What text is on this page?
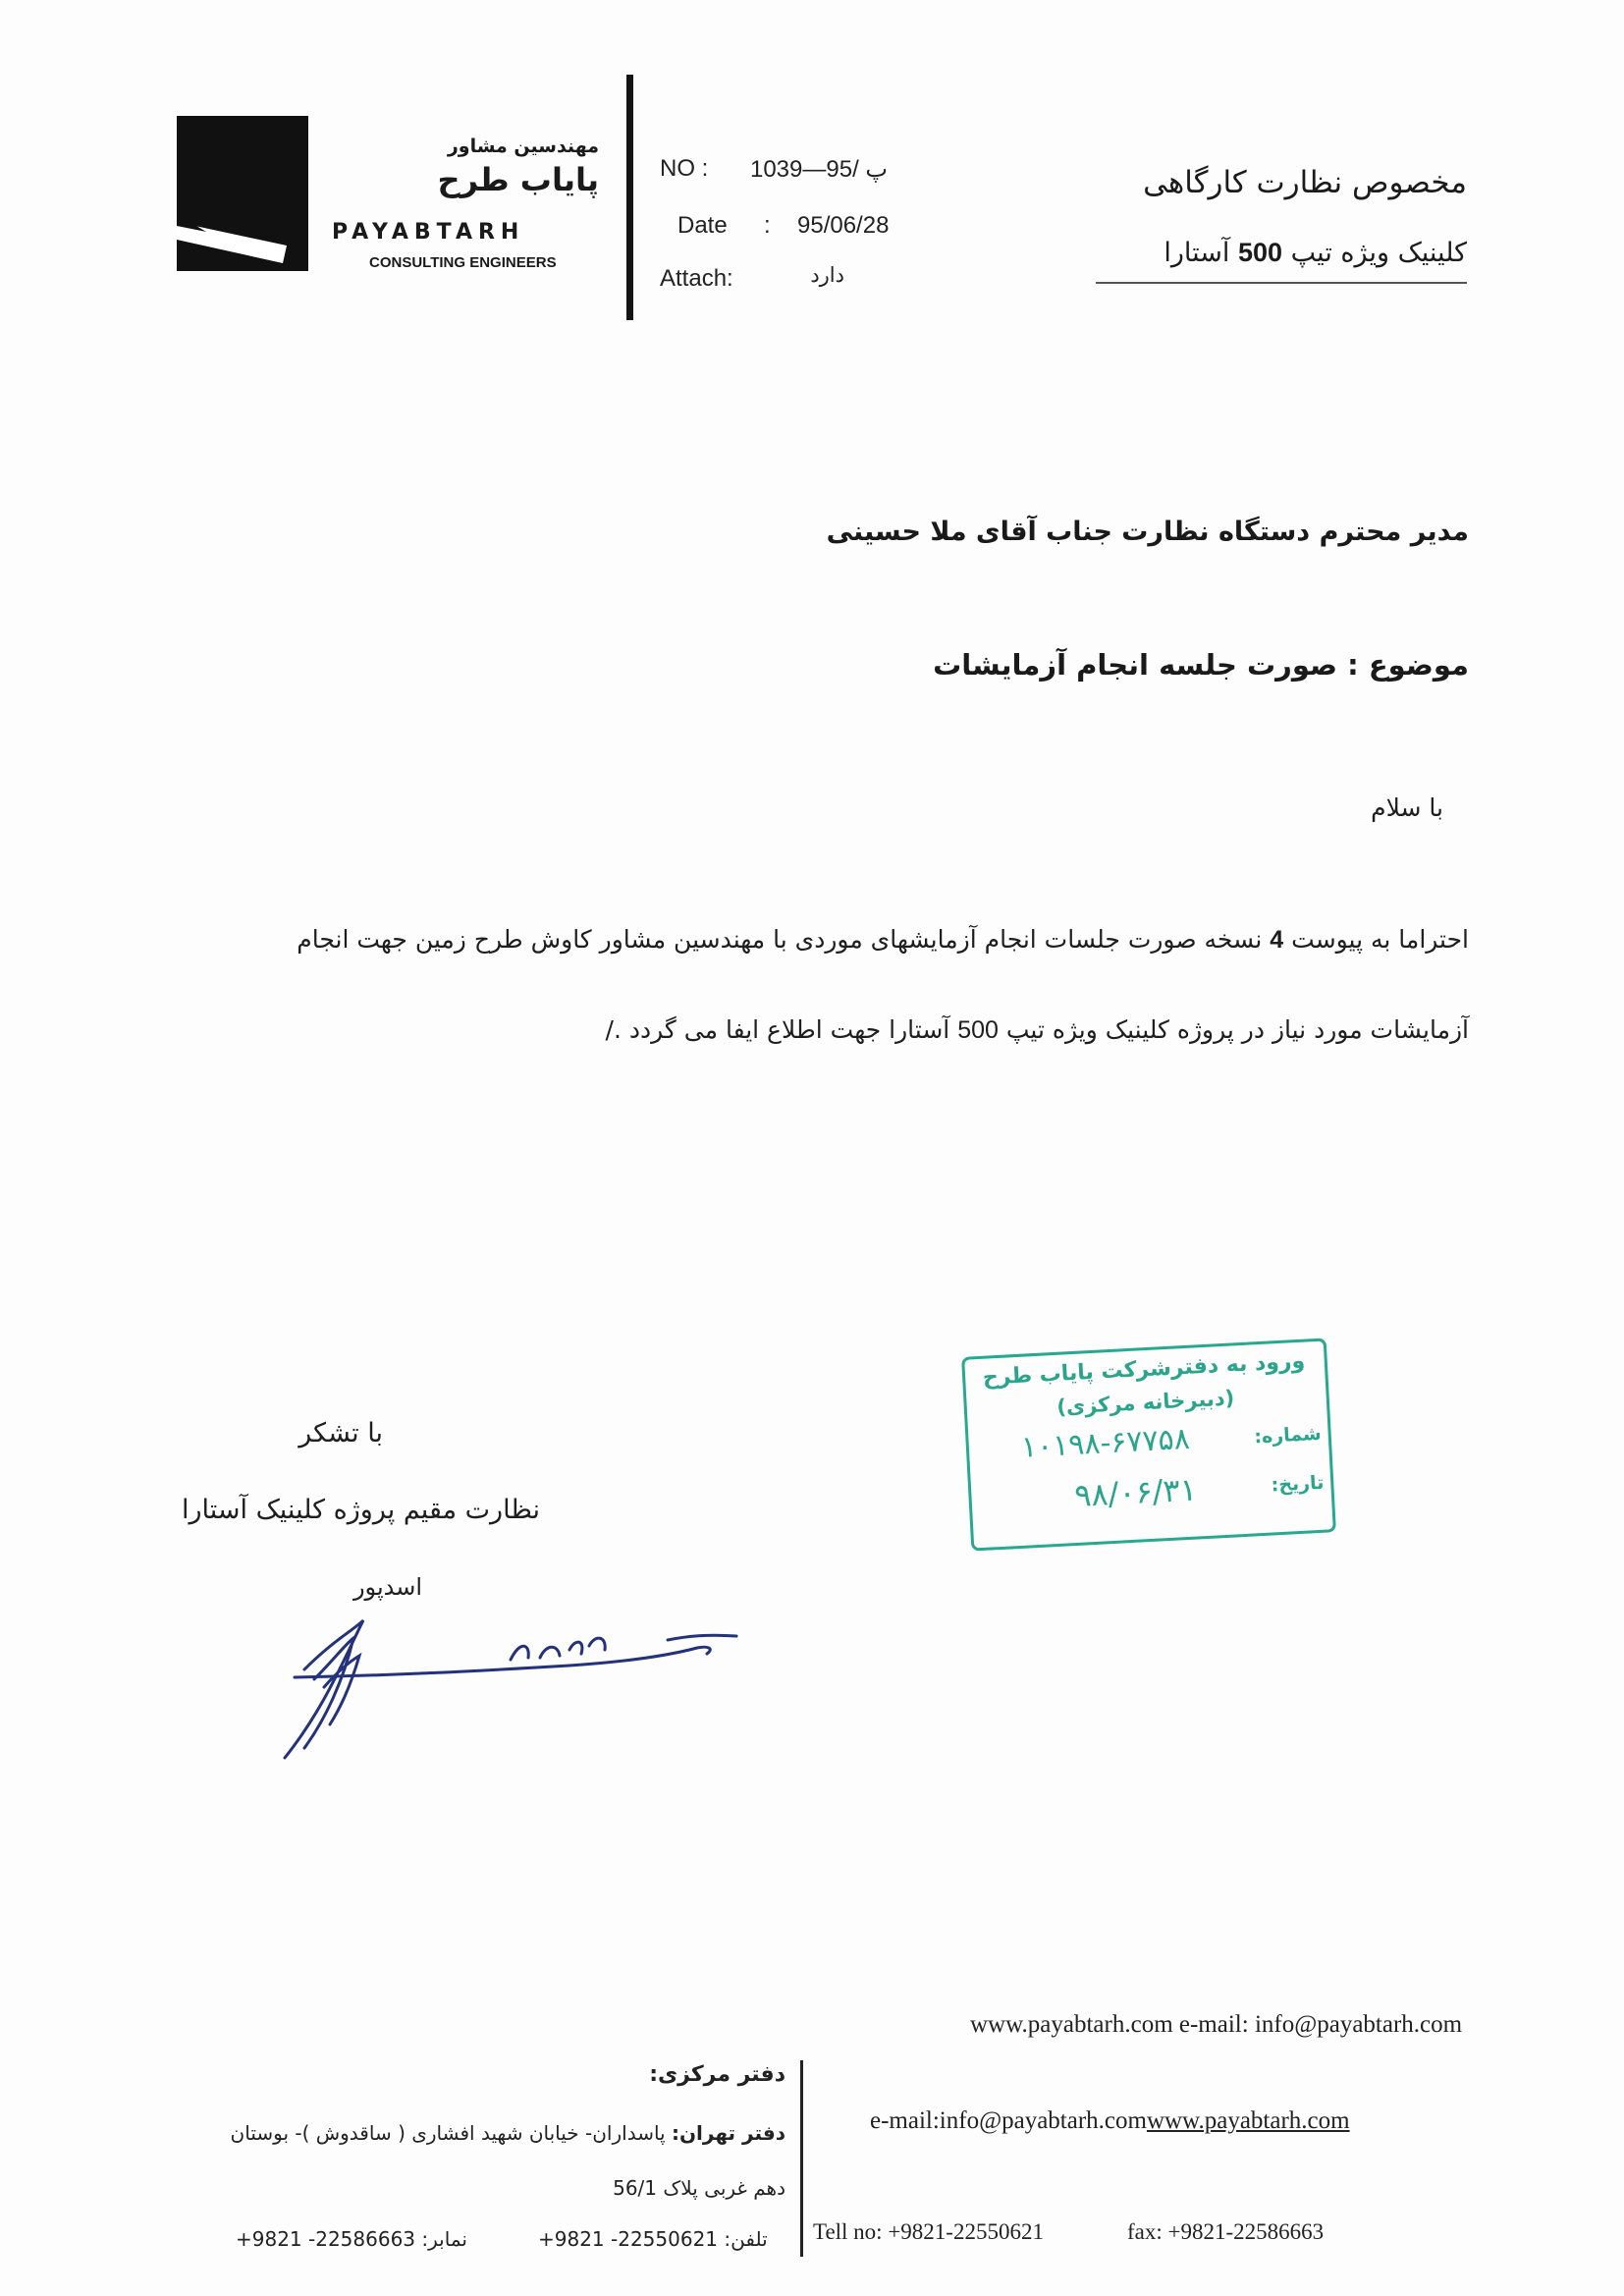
مهندسین مشاور
پایاب طرح
PAYABTARH
CONSULTING ENGINEERS
NO :	پ /95—1039
Date : 95/06/28
Attach:	دارد
مخصوص نظارت کارگاهی
کلینیک ویژه تیپ 500 آستارا
مدیر محترم دستگاه نظارت جناب آقای ملا حسینی
موضوع : صورت جلسه انجام آزمایشات
با سلام
احتراما به پیوست 4 نسخه صورت جلسات انجام آزمایشهای موردی با مهندسین مشاور کاوش طرح زمین جهت انجام
آزمایشات مورد نیاز در پروژه کلینیک ویژه تیپ 500 آستارا جهت اطلاع ایفا می گردد ./
ورود به دفترشرکت پایاب طرح
(دبیرخانه مرکزی)
شماره:
۱۰۱۹۸-۶۷۷۵۸
تاریخ:
۹۸/۰۶/۳۱
با تشکر
نظارت مقیم پروژه کلینیک آستارا
اسدپور
www.payabtarh.com e-mail: info@payabtarh.com
دفتر مرکزی:
دفتر تهران: پاسداران- خیابان شهید افشاری ( ساقدوش )- بوستان
دهم غربی پلاک 56/1
+9821 -22586663 :نمابر	+9821 -22550621 :تلفن
e-mail:info@payabtarh.comwww.payabtarh.com
Tell no: +9821-22550621	fax: +9821-22586663
